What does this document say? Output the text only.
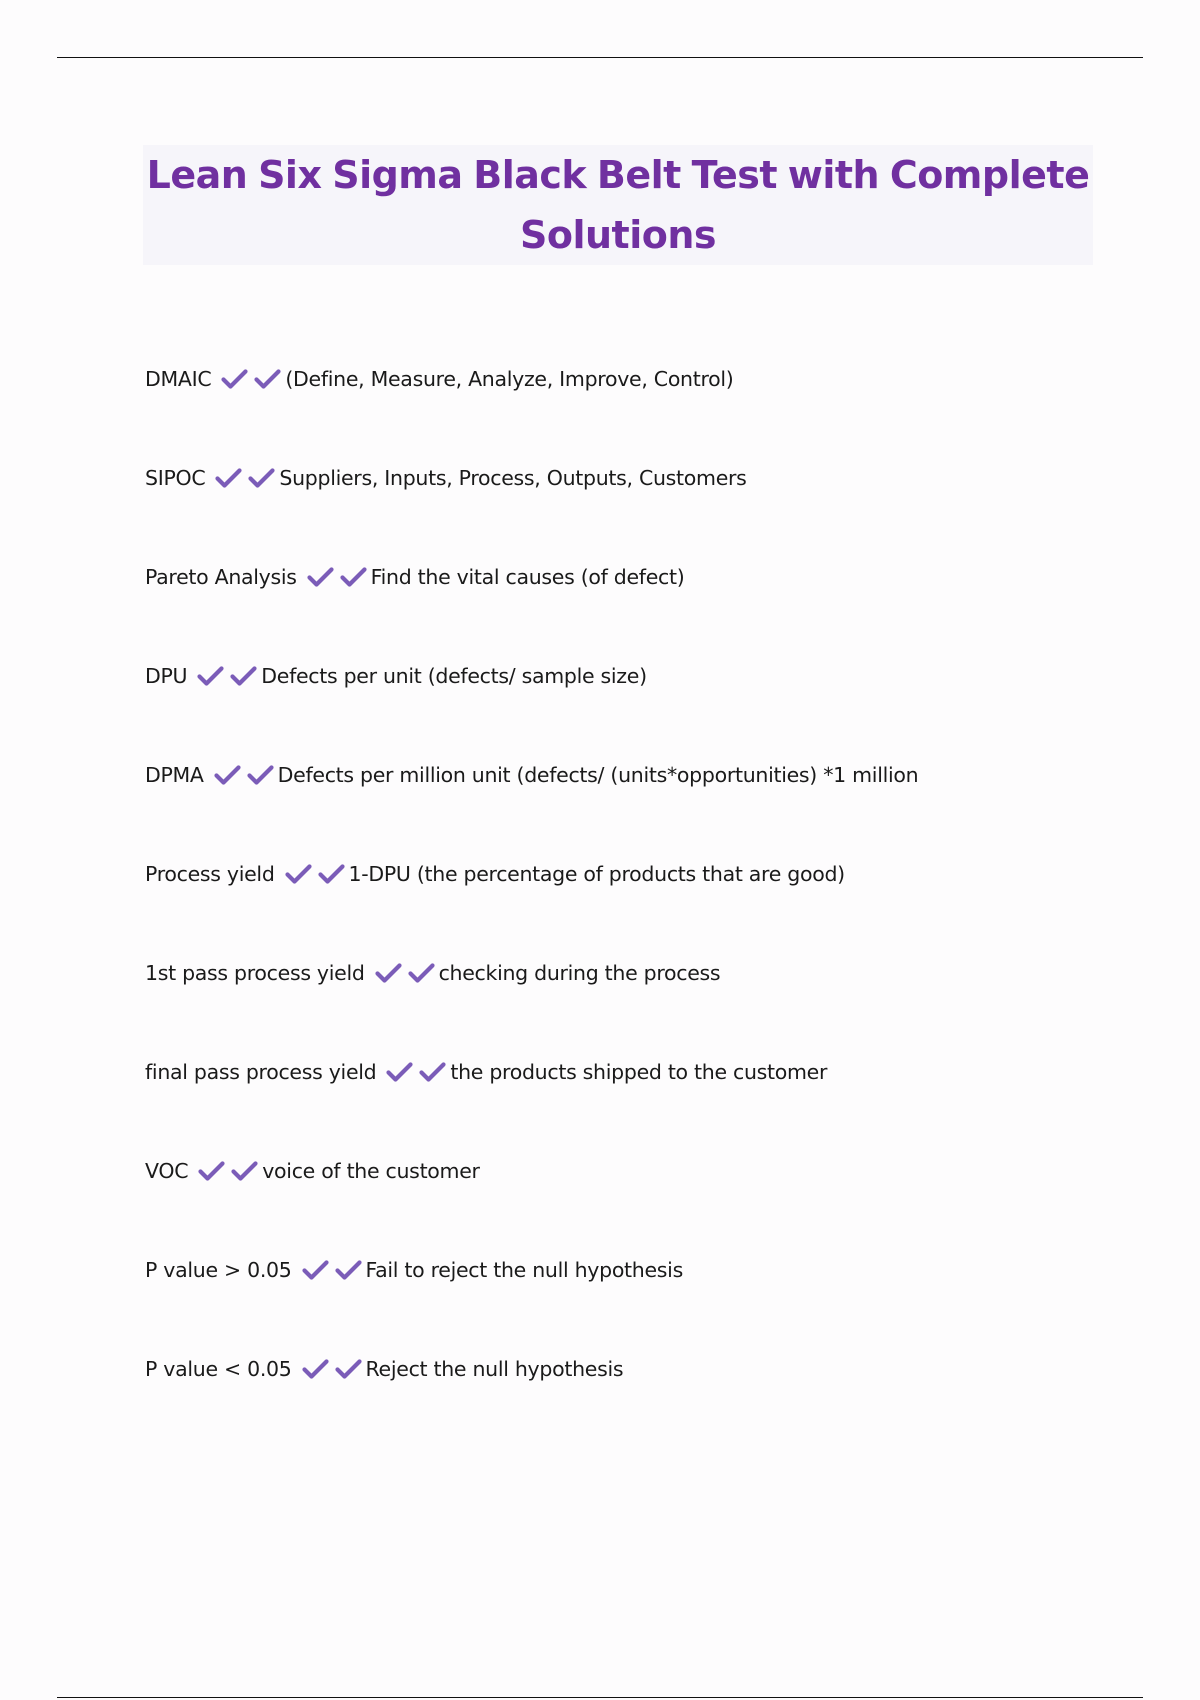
Lean Six Sigma Black Belt Test with Complete Solutions
DMAIC	(Define, Measure, Analyze, Improve, Control)
SIPOC	Suppliers, Inputs, Process, Outputs, Customers
Pareto Analysis	Find the vital causes (of defect)
DPU	Defects per unit (defects/ sample size)
DPMA	Defects per million unit (defects/ (units*opportunities) *1 million
Process yield	1-DPU (the percentage of products that are good)
1st pass process yield	checking during the process
final pass process yield	the products shipped to the customer
VOC	voice of the customer
P value > 0.05	Fail to reject the null hypothesis
P value < 0.05	Reject the null hypothesis
